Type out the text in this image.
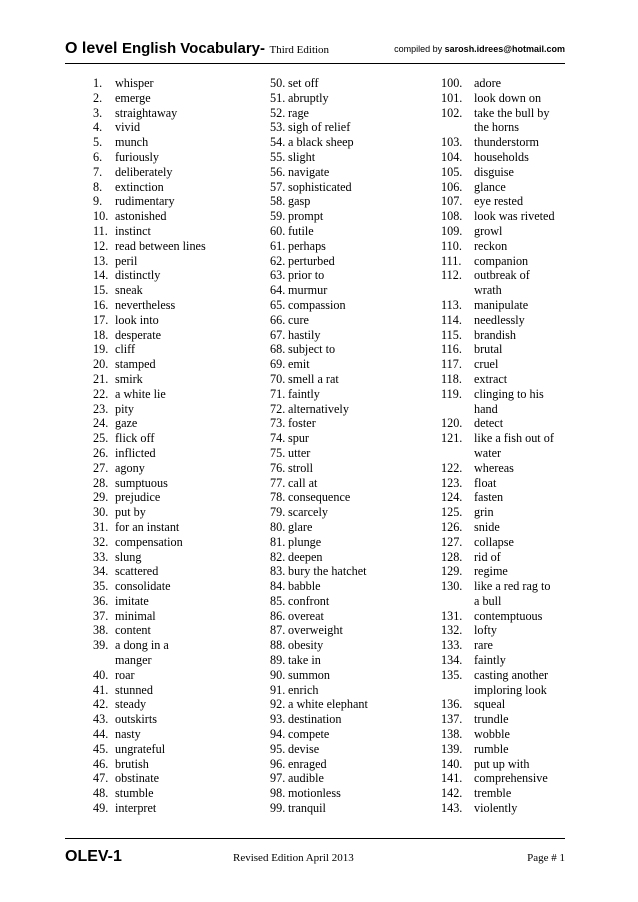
O level English Vocabulary- Third Edition	compiled by sarosh.idrees@hotmail.com
1.	whisper
2.	emerge
3.	straightaway
4.	vivid
5.	munch
6.	furiously
7.	deliberately
8.	extinction
9.	rudimentary
10. astonished
11. instinct
12. read between lines
13. peril
14. distinctly
15. sneak
16. nevertheless
17. look into
18. desperate
19. cliff
20. stamped
21. smirk
22. a white lie
23. pity
24. gaze
25. flick off
26. inflicted
27. agony
28. sumptuous
29. prejudice
30. put by
31. for an instant
32. compensation
33. slung
34. scattered
35. consolidate
36. imitate
37. minimal
38. content
39. a dong in a
manger
40. roar
41. stunned
42. steady
43. outskirts
44. nasty
45. ungrateful
46. brutish
47. obstinate
48. stumble
49. interpret
50. set off
51. abruptly
52. rage
53. sigh of relief
54. a black sheep
55. slight
56. navigate
57. sophisticated
58. gasp
59. prompt
60. futile
61. perhaps
62. perturbed
63. prior to
64. murmur
65. compassion
66. cure
67. hastily
68. subject to
69. emit
70. smell a rat
71. faintly
72. alternatively
73. foster
74. spur
75. utter
76. stroll
77. call at
78. consequence
79. scarcely
80. glare
81. plunge
82. deepen
83. bury the hatchet
84. babble
85. confront
86. overeat
87. overweight
88. obesity
89. take in
90. summon
91. enrich
92. a white elephant
93. destination
94. compete
95. devise
96. enraged
97. audible
98. motionless
99. tranquil
100. adore
101. look down on
102. take the bull by
the horns
103. thunderstorm
104. households
105. disguise
106. glance
107. eye rested
108. look was riveted
109. growl
110. reckon
111.	companion
112. outbreak of
wrath
113. manipulate
114. needlessly
115. brandish
116. brutal
117. cruel
118. extract
119. clinging to his
hand
120. detect
121. like a fish out of
water
122. whereas
123. float
124. fasten
125. grin
126. snide
127. collapse
128. rid of
129. regime
130. like a red rag to
a bull
131. contemptuous
132. lofty
133. rare
134. faintly
135. casting another
imploring look
136. squeal
137. trundle
138. wobble
139. rumble
140. put up with
141. comprehensive
142. tremble
143. violently
OLEV-1	Revised Edition April 2013	Page # 1
